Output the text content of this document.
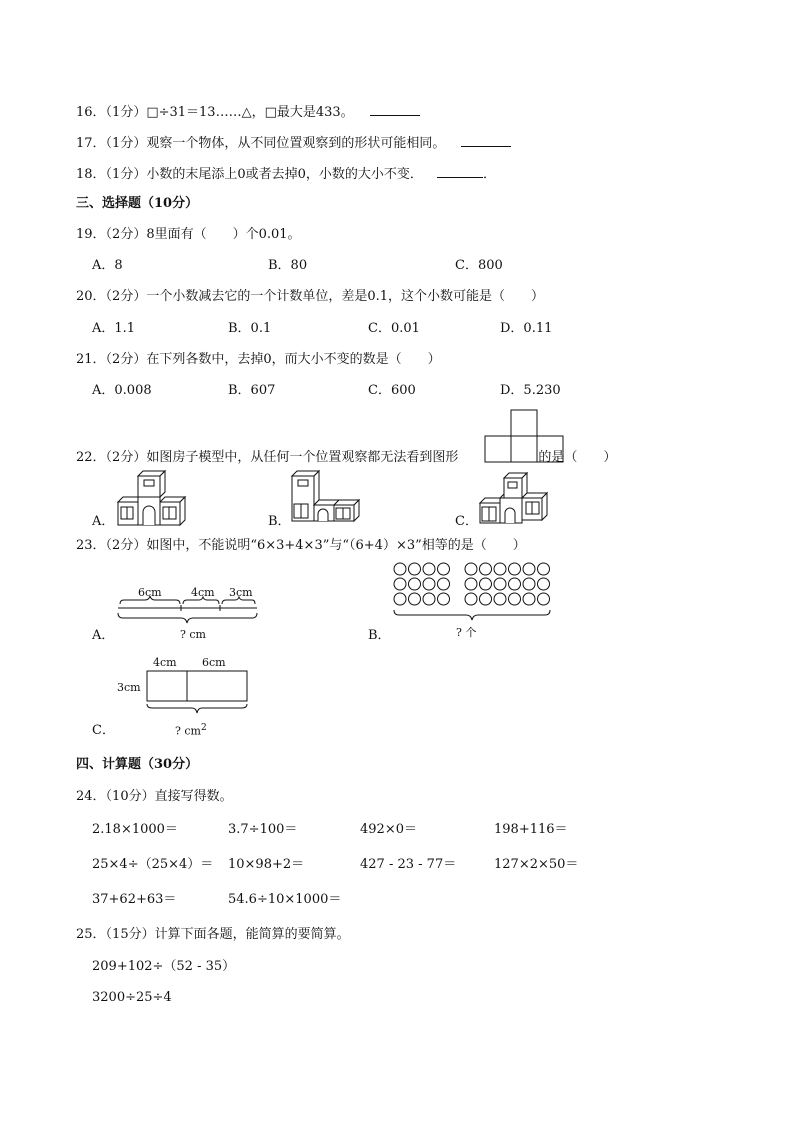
16．（1分）□÷31＝13……△，□最大是433。
17．（1分）观察一个物体，从不同位置观察到的形状可能相同。
18．（1分）小数的末尾添上0或者去掉0，小数的大小不变．	．
三、选择题（10分）
19．（2分）8里面有（　　）个0.01。
A．8	B．80	C．800
20．（2分）一个小数减去它的一个计数单位，差是0.1，这个小数可能是（　　）
A．1.1	B．0.1	C．0.01	D．0.11
21．（2分）在下列各数中，去掉0，而大小不变的数是（　　）
A．0.008	B．607	C．600	D．5.230
22．（2分）如图房子模型中，从任何一个位置观察都无法看到图形	的是（　　）
A．	B．	C．
23．（2分）如图中，不能说明“6×3+4×3”与“（6+4）×3”相等的是（　　）
6cm	4cm 3cm
? cm
A．	? 个
B．
4cm 6cm
3cm
? $cm^2$
C．
四、计算题（30分）
24．（10分）直接写得数。
2.18×1000＝	3.7÷100＝	492×0＝	198+116＝
25×4÷（25×4）＝ 10×98+2＝	427 - 23 - 77＝	127×2×50＝
37+62+63＝	54.6÷10×1000＝
25．（15分）计算下面各题，能简算的要简算。
209+102÷（52 - 35）
3200÷25÷4
